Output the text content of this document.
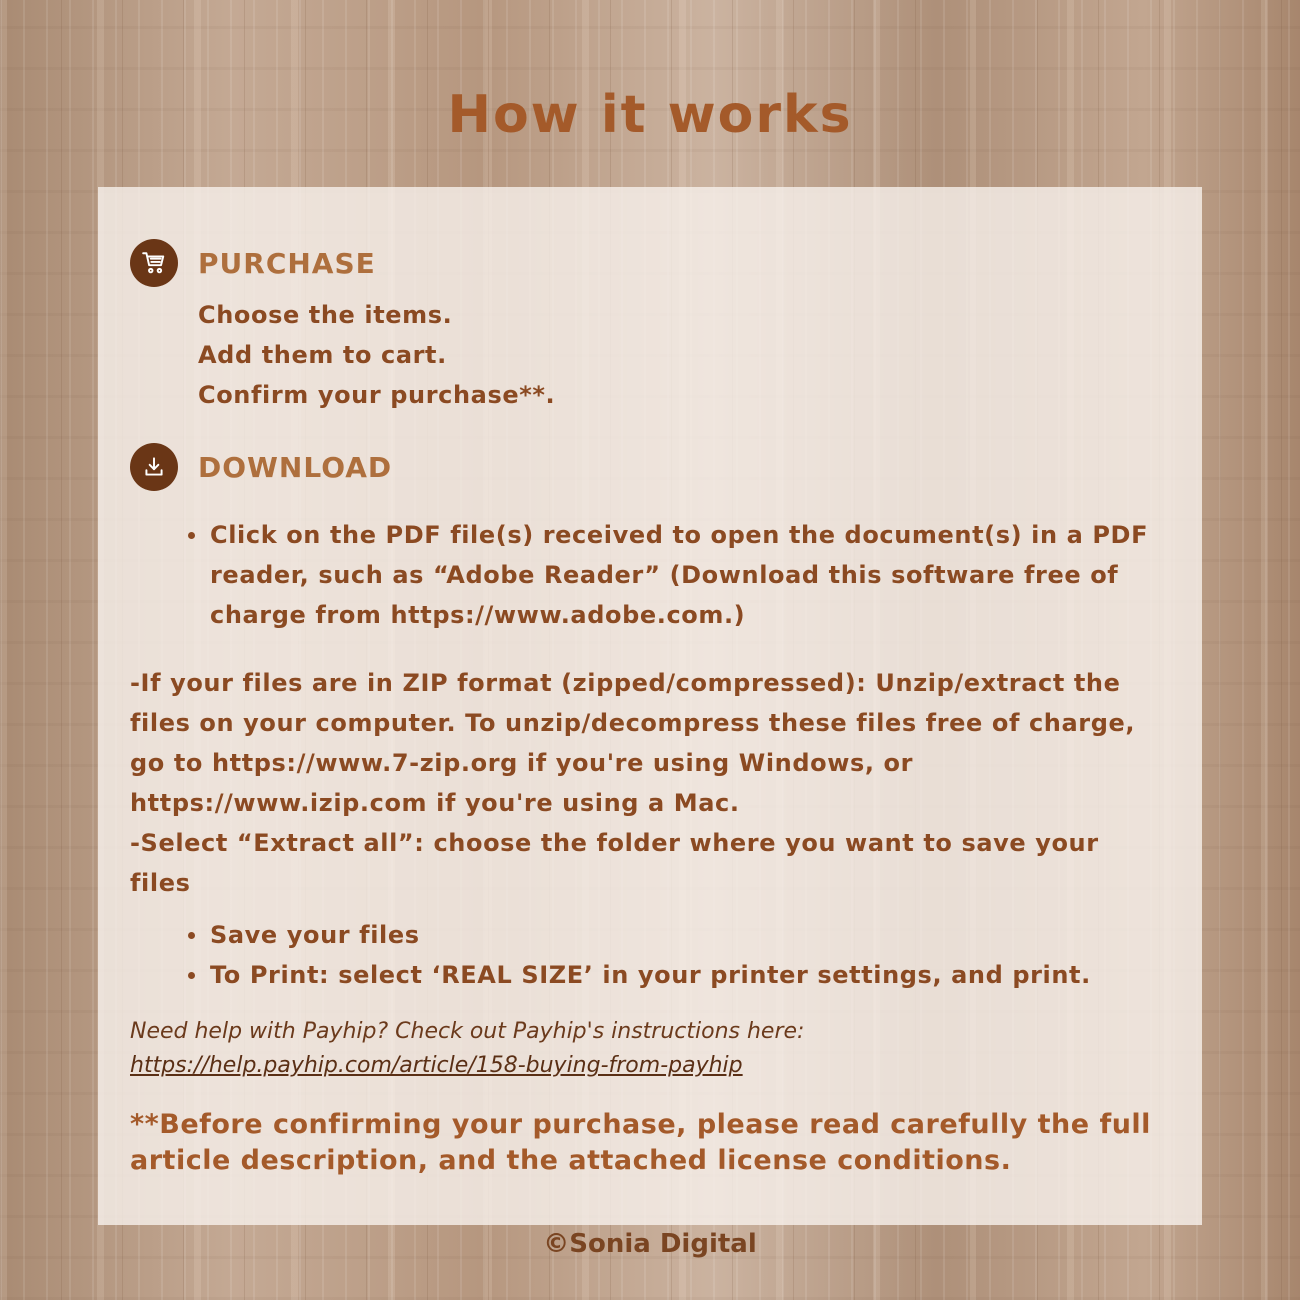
How it works
PURCHASE
Choose the items.
Add them to cart.
Confirm your purchase**.
DOWNLOAD
Click on the PDF file(s) received to open the document(s) in a PDF reader, such as “Adobe Reader” (Download this software free of charge from https://www.adobe.com.)
-If your files are in ZIP format (zipped/compressed): Unzip/extract the files on your computer. To unzip/decompress these files free of charge, go to https://www.7-zip.org if you're using Windows, or https://www.izip.com if you're using a Mac.
-Select “Extract all”: choose the folder where you want to save your files
Save your files
To Print: select ‘REAL SIZE’ in your printer settings, and print.
Need help with Payhip? Check out Payhip's instructions here:
https://help.payhip.com/article/158-buying-from-payhip
**Before confirming your purchase, please read carefully the full article description, and the attached license conditions.
©Sonia Digital
